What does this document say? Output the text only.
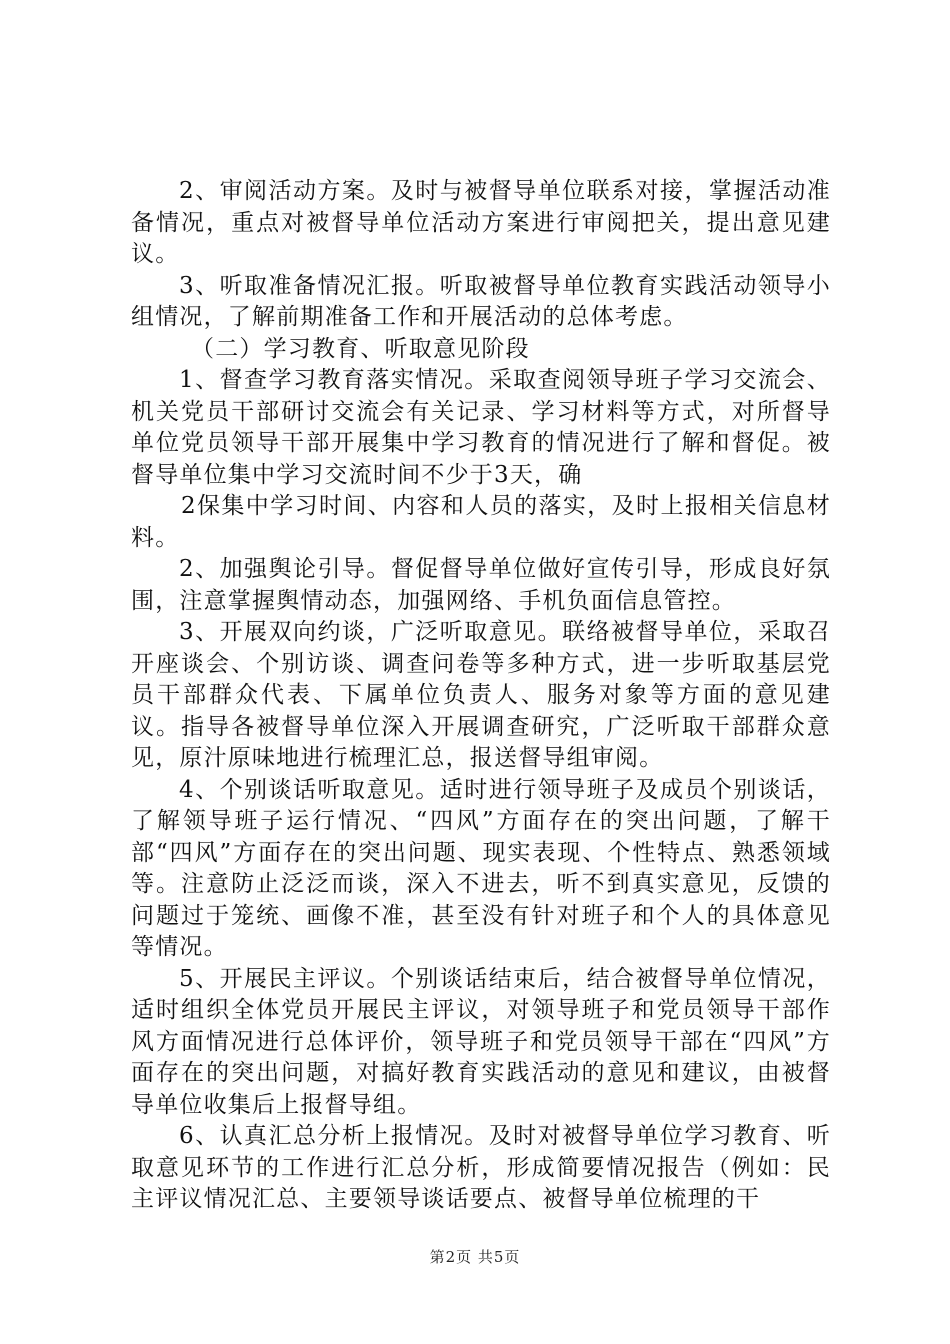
2、审阅活动方案。及时与被督导单位联系对接，掌握活动准备情况，重点对被督导单位活动方案进行审阅把关，提出意见建议。

3、听取准备情况汇报。听取被督导单位教育实践活动领导小组情况，了解前期准备工作和开展活动的总体考虑。

（二）学习教育、听取意见阶段

1、督查学习教育落实情况。采取查阅领导班子学习交流会、机关党员干部研讨交流会有关记录、学习材料等方式，对所督导单位党员领导干部开展集中学习教育的情况进行了解和督促。被督导单位集中学习交流时间不少于3天，确

2保集中学习时间、内容和人员的落实，及时上报相关信息材料。

2、加强舆论引导。督促督导单位做好宣传引导，形成良好氛围，注意掌握舆情动态，加强网络、手机负面信息管控。

3、开展双向约谈，广泛听取意见。联络被督导单位，采取召开座谈会、个别访谈、调查问卷等多种方式，进一步听取基层党员干部群众代表、下属单位负责人、服务对象等方面的意见建议。指导各被督导单位深入开展调查研究，广泛听取干部群众意见，原汁原味地进行梳理汇总，报送督导组审阅。

4、个别谈话听取意见。适时进行领导班子及成员个别谈话，了解领导班子运行情况、“四风”方面存在的突出问题，了解干部“四风”方面存在的突出问题、现实表现、个性特点、熟悉领域等。注意防止泛泛而谈，深入不进去，听不到真实意见，反馈的问题过于笼统、画像不准，甚至没有针对班子和个人的具体意见等情况。

5、开展民主评议。个别谈话结束后，结合被督导单位情况，适时组织全体党员开展民主评议，对领导班子和党员领导干部作风方面情况进行总体评价，领导班子和党员领导干部在“四风”方面存在的突出问题，对搞好教育实践活动的意见和建议，由被督导单位收集后上报督导组。

6、认真汇总分析上报情况。及时对被督导单位学习教育、听取意见环节的工作进行汇总分析，形成简要情况报告（例如：民主评议情况汇总、主要领导谈话要点、被督导单位梳理的干

第2页 共5页
